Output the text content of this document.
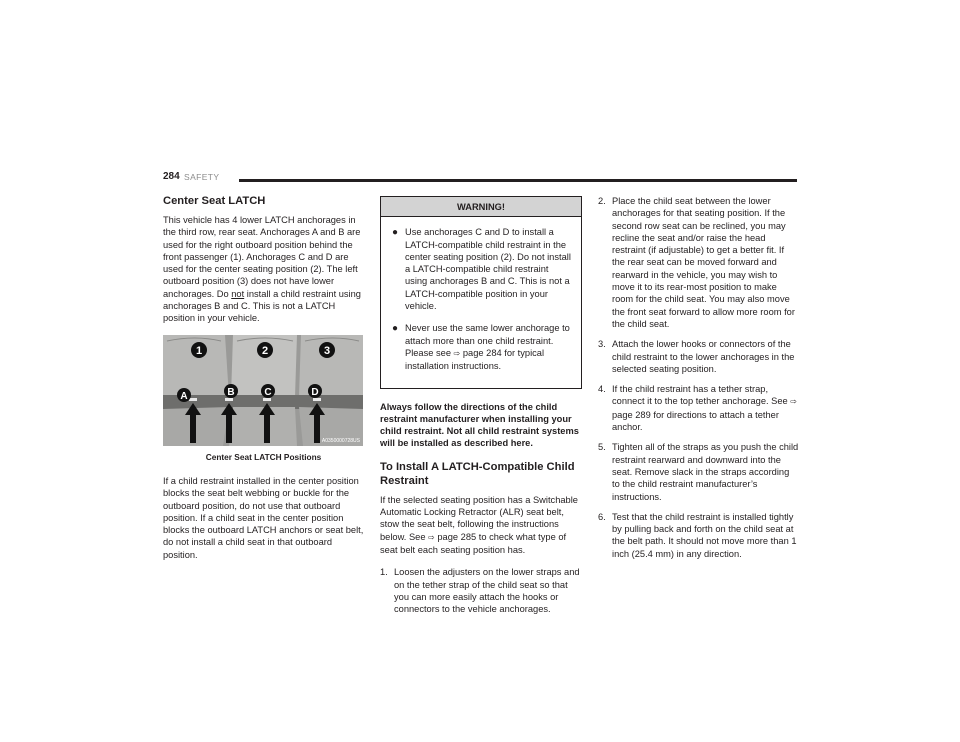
284 SAFETY
Center Seat LATCH

This vehicle has 4 lower LATCH anchorages in the third row, rear seat. Anchorages A and B are used for the right outboard position behind the front passenger (1). Anchorages C and D are used for the center seating position (2). The left outboard position (3) does not have lower anchorages. Do not install a child restraint using anchorages B and C. This is not a LATCH position in your vehicle.

1	2	3
A	B	C	D
A0350000728US
Center Seat LATCH Positions

If a child restraint installed in the center position blocks the seat belt webbing or buckle for the outboard position, do not use that outboard position. If a child seat in the center position blocks the outboard LATCH anchors or seat belt, do not install a child seat in that outboard position.

WARNING!
● Use anchorages C and D to install a LATCH-compatible child restraint in the center seating position (2). Do not install a LATCH-compatible child restraint using anchorages B and C. This is not a LATCH-compatible position in your vehicle.
● Never use the same lower anchorage to attach more than one child restraint. Please see ⇨ page 284 for typical installation instructions.

Always follow the directions of the child restraint manufacturer when installing your child restraint. Not all child restraint systems will be installed as described here.

To Install A LATCH-Compatible Child Restraint

If the selected seating position has a Switchable Automatic Locking Retractor (ALR) seat belt, stow the seat belt, following the instructions below. See ⇨ page 285 to check what type of seat belt each seating position has.

1. Loosen the adjusters on the lower straps and on the tether strap of the child seat so that you can more easily attach the hooks or connectors to the vehicle anchorages.
2. Place the child seat between the lower anchorages for that seating position. If the second row seat can be reclined, you may recline the seat and/or raise the head restraint (if adjustable) to get a better fit. If the rear seat can be moved forward and rearward in the vehicle, you may wish to move it to its rear-most position to make room for the child seat. You may also move the front seat forward to allow more room for the child seat.
3. Attach the lower hooks or connectors of the child restraint to the lower anchorages in the selected seating position.
4. If the child restraint has a tether strap, connect it to the top tether anchorage. See ⇨ page 289 for directions to attach a tether anchor.
5. Tighten all of the straps as you push the child restraint rearward and downward into the seat. Remove slack in the straps according to the child restraint manufacturer’s instructions.
6. Test that the child restraint is installed tightly by pulling back and forth on the child seat at the belt path. It should not move more than 1 inch (25.4 mm) in any direction.
